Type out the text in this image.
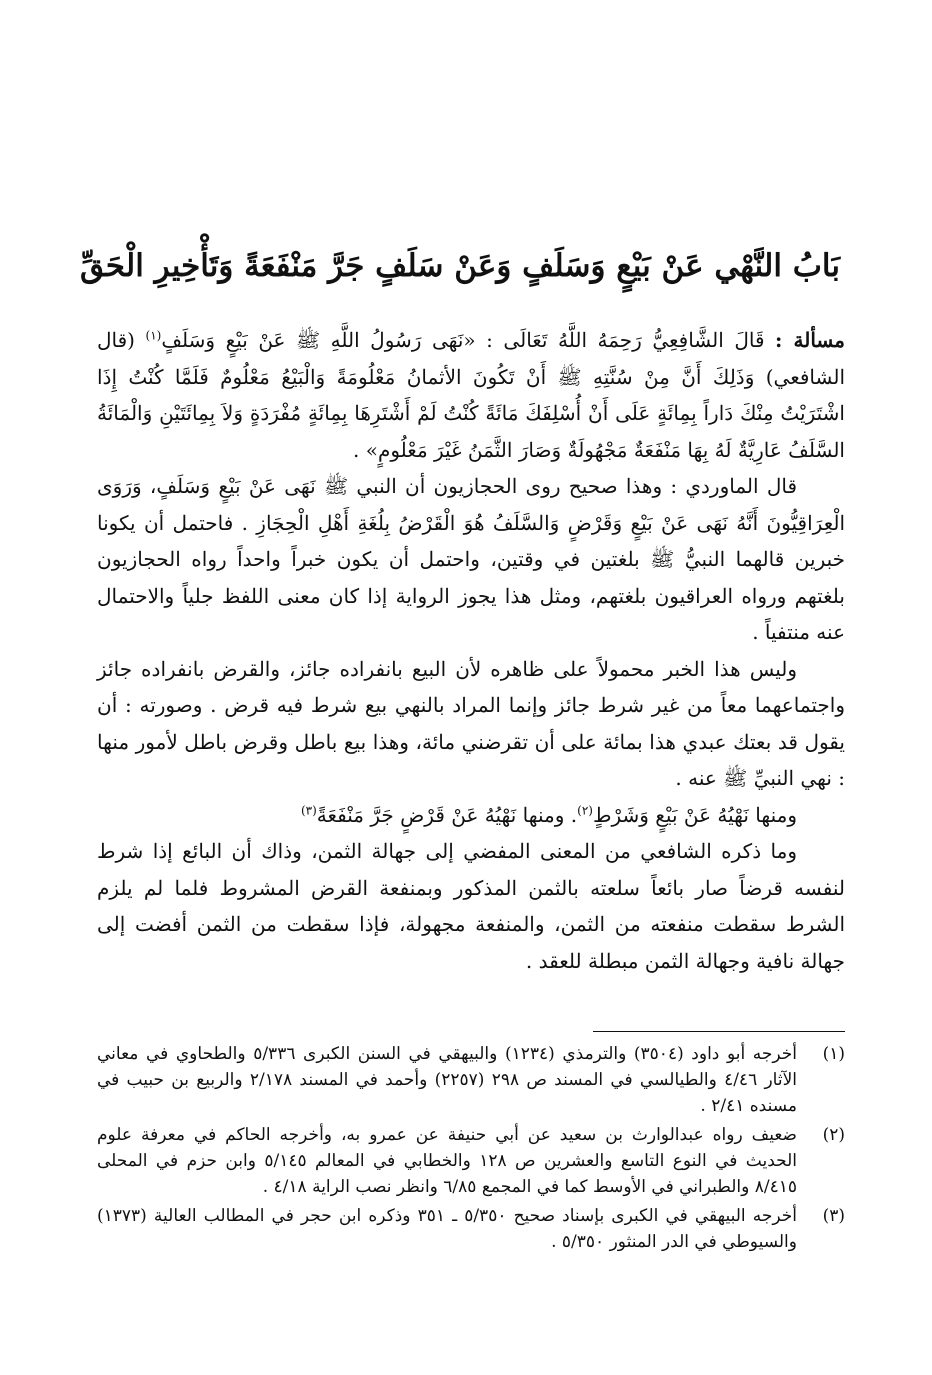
بَابُ النَّهْي عَنْ بَيْعٍ وَسَلَفٍ وَعَنْ سَلَفٍ جَرَّ مَنْفَعَةً وَتَأْخِيرِ الْحَقِّ

مسألة : قَالَ الشَّافِعِيُّ رَحِمَهُ اللَّهُ تَعَالَى : «نَهَى رَسُولُ اللَّهِ ﷺ عَنْ بَيْعٍ وَسَلَفٍ$^{(١)}$ (قال الشافعي) وَذَلِكَ أَنَّ مِنْ سُنَّتِهِ ﷺ أَنْ تَكُونَ الأثمانُ مَعْلُومَةً وَالْبَيْعُ مَعْلُومٌ فَلَمَّا كُنْتُ إِذَا اشْتَرَيْتُ مِنْكَ دَاراً بِمِائَةٍ عَلَى أَنْ أُسْلِفَكَ مَائَةً كُنْتُ لَمْ أَشْتَرِهَا بِمِائَةٍ مُفْرَدَةٍ وَلاَ بِمِائَتَيْنِ وَالْمَائَةُ السَّلَفُ عَارِيَّةٌ لَهُ بِهَا مَنْفَعَةٌ مَجْهُولَةٌ وَصَارَ الثَّمَنُ غَيْرَ مَعْلُومٍ» .

قال الماوردي : وهذا صحيح روى الحجازيون أن النبي ﷺ نَهَى عَنْ بَيْعٍ وَسَلَفٍ، وَرَوَى الْعِرَاقِيُّونَ أَنَّهُ نَهَى عَنْ بَيْعٍ وَقَرْضٍ وَالسَّلَفُ هُوَ الْقَرْضُ بِلُغَةِ أَهْلِ الْحِجَازِ . فاحتمل أن يكونا خبرين قالهما النبيُّ ﷺ بلغتين في وقتين، واحتمل أن يكون خبراً واحداً رواه الحجازيون بلغتهم ورواه العراقيون بلغتهم، ومثل هذا يجوز الرواية إذا كان معنى اللفظ جلياً والاحتمال عنه منتفياً .

وليس هذا الخبر محمولاً على ظاهره لأن البيع بانفراده جائز، والقرض بانفراده جائز واجتماعهما معاً من غير شرط جائز وإنما المراد بالنهي بيع شرط فيه قرض . وصورته : أن يقول قد بعتك عبدي هذا بمائة على أن تقرضني مائة، وهذا بيع باطل وقرض باطل لأمور منها : نهي النبيِّ ﷺ عنه .

ومنها نَهْيُهُ عَنْ بَيْعٍ وَشَرْطٍ$^{(٢)}$. ومنها نَهْيُهُ عَنْ قَرْضٍ جَرَّ مَنْفَعَةً$^{(٣)}$

وما ذكره الشافعي من المعنى المفضي إلى جهالة الثمن، وذاك أن البائع إذا شرط لنفسه قرضاً صار بائعاً سلعته بالثمن المذكور وبمنفعة القرض المشروط فلما لم يلزم الشرط سقطت منفعته من الثمن، والمنفعة مجهولة، فإذا سقطت من الثمن أفضت إلى جهالة نافية وجهالة الثمن مبطلة للعقد .

(١)
أخرجه أبو داود (٣٥٠٤) والترمذي (١٢٣٤) والبيهقي في السنن الكبرى ٥/٣٣٦ والطحاوي في معاني الآثار ٤/٤٦ والطيالسي في المسند ص ٢٩٨ (٢٢٥٧) وأحمد في المسند ٢/١٧٨ والربيع بن حبيب في مسنده ٢/٤١ .
(٢)
ضعيف رواه عبدالوارث بن سعيد عن أبي حنيفة عن عمرو به، وأخرجه الحاكم في معرفة علوم الحديث في النوع التاسع والعشرين ص ١٢٨ والخطابي في المعالم ٥/١٤٥ وابن حزم في المحلى ٨/٤١٥ والطبراني في الأوسط كما في المجمع ٦/٨٥ وانظر نصب الراية ٤/١٨ .
(٣)
أخرجه البيهقي في الكبرى بإسناد صحيح ٥/٣٥٠ ـ ٣٥١ وذكره ابن حجر في المطالب العالية (١٣٧٣) والسيوطي في الدر المنثور ٥/٣٥٠ .
